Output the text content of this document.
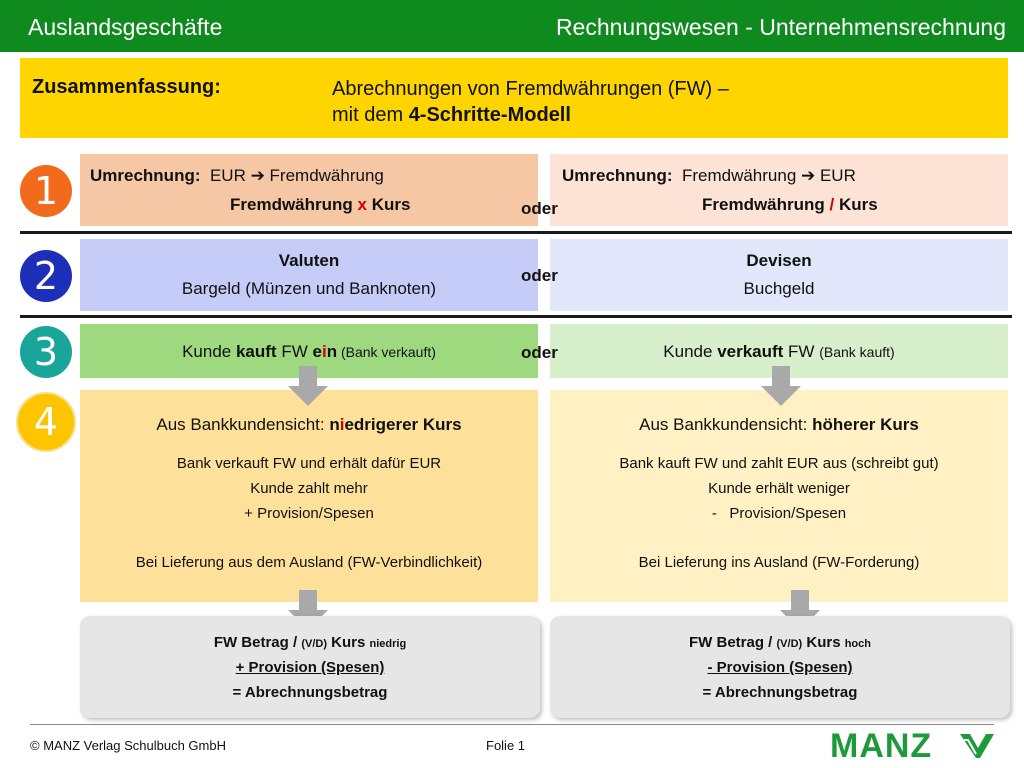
Auslandsgeschäfte	Rechnungswesen - Unternehmensrechnung
Zusammenfassung:	Abrechnungen von Fremdwährungen (FW) –
mit dem 4-Schritte-Modell
1
2
3
4
Umrechnung: EUR ➔ Fremdwährung
Fremdwährung x Kurs
Umrechnung: Fremdwährung ➔ EUR
Fremdwährung / Kurs
oder
Valuten
Bargeld (Münzen und Banknoten)
Devisen
Buchgeld
oder
Kunde kauft FW ein (Bank verkauft)	Kunde verkauft FW (Bank kauft)
oder
Aus Bankkundensicht: niedrigerer Kurs
Bank verkauft FW und erhält dafür EUR
Kunde zahlt mehr
+ Provision/Spesen
Bei Lieferung aus dem Ausland (FW-Verbindlichkeit)
Aus Bankkundensicht: höherer Kurs
Bank kauft FW und zahlt EUR aus (schreibt gut)
Kunde erhält weniger
-   Provision/Spesen
Bei Lieferung ins Ausland (FW-Forderung)
FW Betrag / (V/D) Kurs niedrig
+ Provision (Spesen)
= Abrechnungsbetrag
FW Betrag / (V/D) Kurs hoch
- Provision (Spesen)
= Abrechnungsbetrag
© MANZ Verlag Schulbuch GmbH	Folie 1	MANZ
